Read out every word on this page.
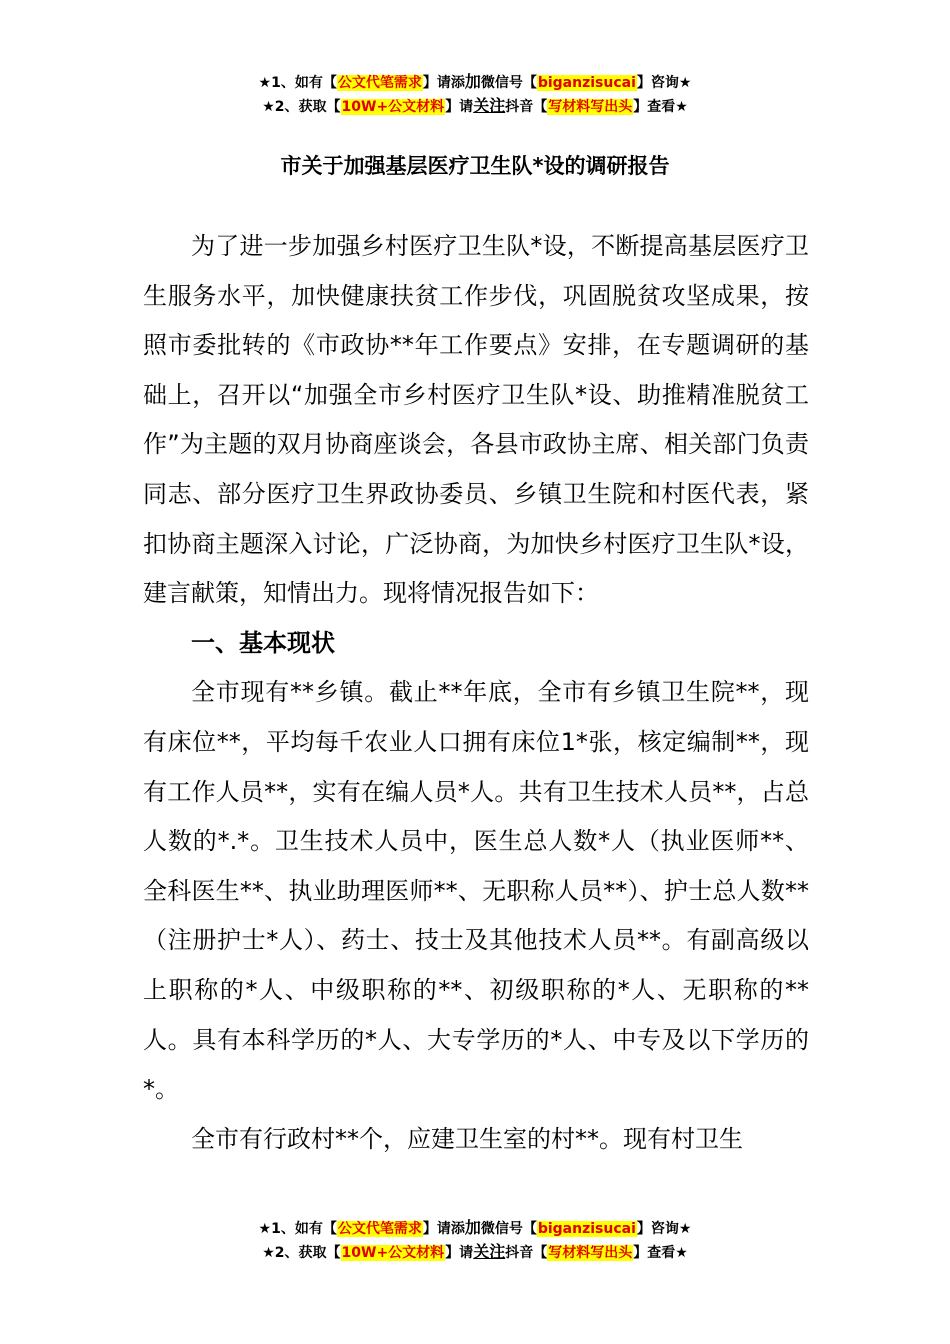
★1、如有【公文代笔需求】请添加微信号【biganzisucai】咨询★
★2、获取【10W+公文材料】请关注抖音【写材料写出头】查看★
市关于加强基层医疗卫生队*设的调研报告

为了进一步加强乡村医疗卫生队*设，不断提高基层医疗卫生服务水平，加快健康扶贫工作步伐，巩固脱贫攻坚成果，按照市委批转的《市政协**年工作要点》安排，在专题调研的基础上，召开以“加强全市乡村医疗卫生队*设、助推精准脱贫工作”为主题的双月协商座谈会，各县市政协主席、相关部门负责同志、部分医疗卫生界政协委员、乡镇卫生院和村医代表，紧扣协商主题深入讨论，广泛协商，为加快乡村医疗卫生队*设，建言献策，知情出力。现将情况报告如下：

一、基本现状

全市现有**乡镇。截止**年底，全市有乡镇卫生院**，现有床位**，平均每千农业人口拥有床位1*张，核定编制**，现有工作人员**，实有在编人员*人。共有卫生技术人员**，占总人数的*.*。卫生技术人员中，医生总人数*人（执业医师**、全科医生**、执业助理医师**、无职称人员**）、护士总人数**（注册护士*人）、药士、技士及其他技术人员**。有副高级以上职称的*人、中级职称的**、初级职称的*人、无职称的**人。具有本科学历的*人、大专学历的*人、中专及以下学历的*。

全市有行政村**个，应建卫生室的村**。现有村卫生

★1、如有【公文代笔需求】请添加微信号【biganzisucai】咨询★
★2、获取【10W+公文材料】请关注抖音【写材料写出头】查看★
